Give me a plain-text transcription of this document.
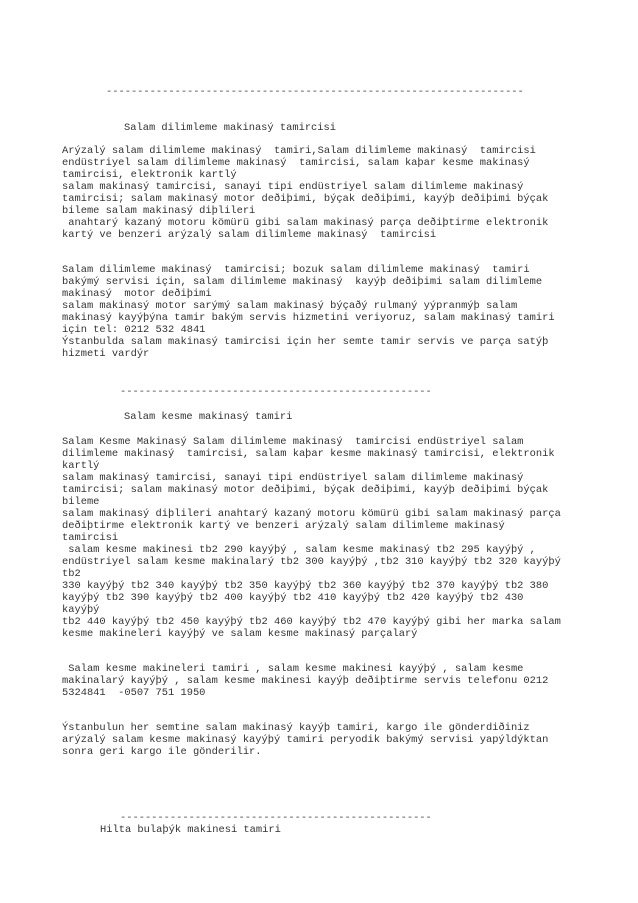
-------------------------------------------------------------------
Salam dilimleme makinasý tamircisi
Arýzalý salam dilimleme makinasý  tamiri,Salam dilimleme makinasý  tamircisi
endüstriyel salam dilimleme makinasý  tamircisi, salam kaþar kesme makinasý
tamircisi, elektronik kartlý
salam makinasý tamircisi, sanayi tipi endüstriyel salam dilimleme makinasý
tamircisi; salam makinasý motor deðiþimi, býçak deðiþimi, kayýþ deðiþimi býçak
bileme salam makinasý diþlileri
anahtarý kazaný motoru kömürü gibi salam makinasý parça deðiþtirme elektronik
kartý ve benzeri arýzalý salam dilimleme makinasý  tamircisi
Salam dilimleme makinasý  tamircisi; bozuk salam dilimleme makinasý  tamiri
bakýmý servisi için, salam dilimleme makinasý  kayýþ deðiþimi salam dilimleme
makinasý  motor deðiþimi
salam makinasý motor sarýmý salam makinasý býçaðý rulmaný yýpranmýþ salam
makinasý kayýþýna tamir bakým servis hizmetini veriyoruz, salam makinasý tamiri
için tel: 0212 532 4841
Ýstanbulda salam makinasý tamircisi için her semte tamir servis ve parça satýþ
hizmeti vardýr
--------------------------------------------------
Salam kesme makinasý tamiri
Salam Kesme Makinasý Salam dilimleme makinasý  tamircisi endüstriyel salam
dilimleme makinasý  tamircisi, salam kaþar kesme makinasý tamircisi, elektronik
kartlý
salam makinasý tamircisi, sanayi tipi endüstriyel salam dilimleme makinasý
tamircisi; salam makinasý motor deðiþimi, býçak deðiþimi, kayýþ deðiþimi býçak
bileme
salam makinasý diþlileri anahtarý kazaný motoru kömürü gibi salam makinasý parça
deðiþtirme elektronik kartý ve benzeri arýzalý salam dilimleme makinasý
tamircisi
salam kesme makinesi tb2 290 kayýþý , salam kesme makinasý tb2 295 kayýþý ,
endüstriyel salam kesme makinalarý tb2 300 kayýþý ,tb2 310 kayýþý tb2 320 kayýþý
tb2
330 kayýþý tb2 340 kayýþý tb2 350 kayýþý tb2 360 kayýþý tb2 370 kayýþý tb2 380
kayýþý tb2 390 kayýþý tb2 400 kayýþý tb2 410 kayýþý tb2 420 kayýþý tb2 430
kayýþý
tb2 440 kayýþý tb2 450 kayýþý tb2 460 kayýþý tb2 470 kayýþý gibi her marka salam
kesme makineleri kayýþý ve salam kesme makinasý parçalarý
Salam kesme makineleri tamiri , salam kesme makinesi kayýþý , salam kesme
makinalarý kayýþý , salam kesme makinesi kayýþ deðiþtirme servis telefonu 0212
5324841  -0507 751 1950
Ýstanbulun her semtine salam makinasý kayýþ tamiri, kargo ile gönderdiðiniz
arýzalý salam kesme makinasý kayýþý tamiri peryodik bakýmý servisi yapýldýktan
sonra geri kargo ile gönderilir.
--------------------------------------------------
Hilta bulaþýk makinesi tamiri
